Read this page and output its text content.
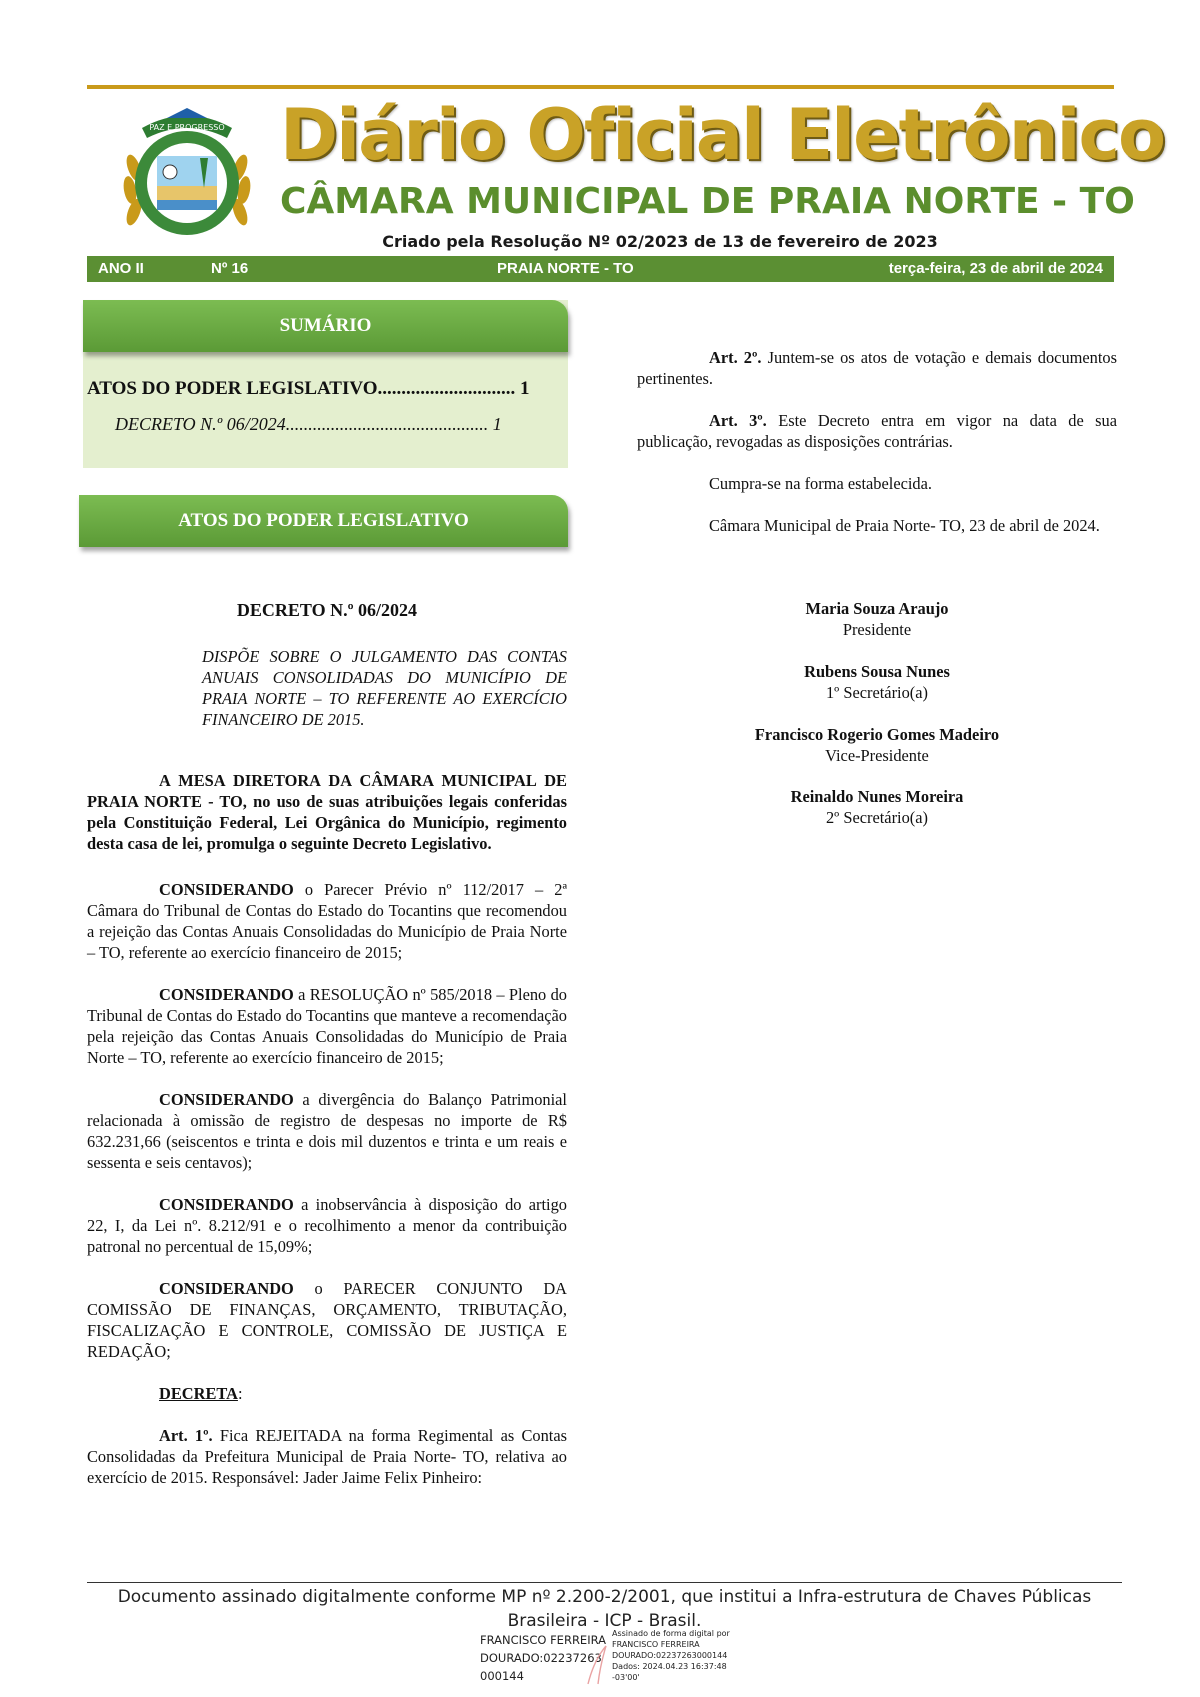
PAZ E PROGRESSO Diário Oficial Eletrônico
CÂMARA MUNICIPAL DE PRAIA NORTE - TO
Criado pela Resolução Nº 02/2023 de 13 de fevereiro de 2023
ANO II	Nº 16	PRAIA NORTE - TO	terça-feira, 23 de abril de 2024
SUMÁRIO
ATOS DO PODER LEGISLATIVO............................. 1
DECRETO N.º 06/2024............................................. 1
ATOS DO PODER LEGISLATIVO
DECRETO N.º 06/2024
DISPÕE SOBRE O JULGAMENTO DAS CONTAS ANUAIS CONSOLIDADAS DO MUNICÍPIO DE PRAIA NORTE – TO REFERENTE AO EXERCÍCIO FINANCEIRO DE 2015.

A MESA DIRETORA DA CÂMARA MUNICIPAL DE PRAIA NORTE - TO, no uso de suas atribuições legais conferidas pela Constituição Federal, Lei Orgânica do Município, regimento desta casa de lei, promulga o seguinte Decreto Legislativo.

CONSIDERANDO o Parecer Prévio nº 112/2017 – 2ª Câmara do Tribunal de Contas do Estado do Tocantins que recomendou a rejeição das Contas Anuais Consolidadas do Município de Praia Norte – TO, referente ao exercício financeiro de 2015;

CONSIDERANDO a RESOLUÇÃO nº 585/2018 – Pleno do Tribunal de Contas do Estado do Tocantins que manteve a recomendação pela rejeição das Contas Anuais Consolidadas do Município de Praia Norte – TO, referente ao exercício financeiro de 2015;

CONSIDERANDO a divergência do Balanço Patrimonial relacionada à omissão de registro de despesas no importe de R$ 632.231,66 (seiscentos e trinta e dois mil duzentos e trinta e um reais e sessenta e seis centavos);

CONSIDERANDO a inobservância à disposição do artigo 22, I, da Lei nº. 8.212/91 e o recolhimento a menor da contribuição patronal no percentual de 15,09%;

CONSIDERANDO o PARECER CONJUNTO DA COMISSÃO DE FINANÇAS, ORÇAMENTO, TRIBUTAÇÃO, FISCALIZAÇÃO E CONTROLE, COMISSÃO DE JUSTIÇA E REDAÇÃO;

DECRETA:

Art. 1º. Fica REJEITADA na forma Regimental as Contas Consolidadas da Prefeitura Municipal de Praia Norte- TO, relativa ao exercício de 2015. Responsável: Jader Jaime Felix Pinheiro:

Art. 2º. Juntem-se os atos de votação e demais documentos pertinentes.

Art. 3º. Este Decreto entra em vigor na data de sua publicação, revogadas as disposições contrárias.

Cumpra-se na forma estabelecida.

Câmara Municipal de Praia Norte- TO, 23 de abril de 2024.

Maria Souza Araujo
Presidente
Rubens Sousa Nunes
1º Secretário(a)
Francisco Rogerio Gomes Madeiro
Vice-Presidente
Reinaldo Nunes Moreira
2º Secretário(a)
Documento assinado digitalmente conforme MP nº 2.200-2/2001, que institui a Infra-estrutura de Chaves Públicas
Brasileira - ICP - Brasil.
FRANCISCO FERREIRA
DOURADO:02237263
000144
Assinado de forma digital por
FRANCISCO FERREIRA
DOURADO:02237263000144
Dados: 2024.04.23 16:37:48
-03'00'
